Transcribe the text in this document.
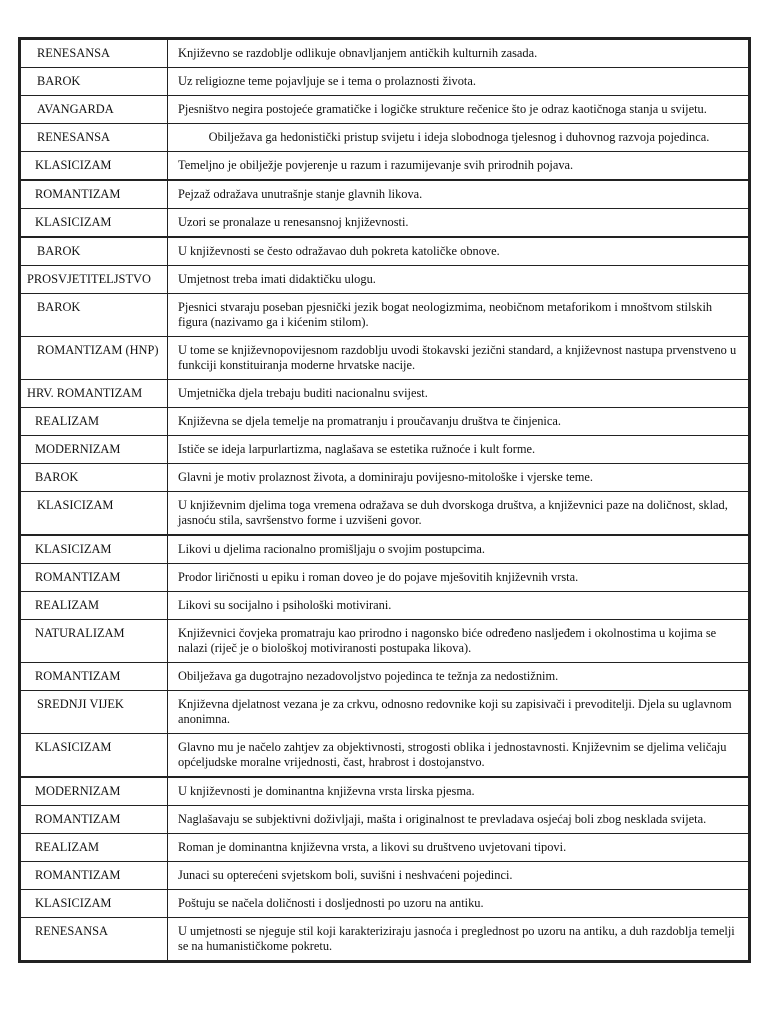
RENESANSA	Književno se razdoblje odlikuje obnavljanjem antičkih kulturnih zasada.
BAROK	Uz religiozne teme pojavljuje se i tema o prolaznosti života.
AVANGARDA	Pjesništvo negira postojeće gramatičke i logičke strukture rečenice što je odraz kaotičnoga stanja u svijetu.
RENESANSA	Obilježava ga hedonistički pristup svijetu i ideja slobodnoga tjelesnog i duhovnog razvoja pojedinca.
KLASICIZAM	Temeljno je obilježje povjerenje u razum i razumijevanje svih prirodnih pojava.
ROMANTIZAM	Pejzaž odražava unutrašnje stanje glavnih likova.
KLASICIZAM	Uzori se pronalaze u renesansnoj književnosti.
BAROK	U književnosti se često odražavao duh pokreta katoličke obnove.
PROSVJETITELJSTVO	Umjetnost treba imati didaktičku ulogu.
BAROK	Pjesnici stvaraju poseban pjesnički jezik bogat neologizmima, neobičnom metaforikom i mnoštvom stilskih figura (nazivamo ga i kićenim stilom).
ROMANTIZAM (HNP)	U tome se književnopovijesnom razdoblju uvodi štokavski jezični standard, a književnost nastupa prvenstveno u funkciji konstituiranja moderne hrvatske nacije.
HRV. ROMANTIZAM	Umjetnička djela trebaju buditi nacionalnu svijest.
REALIZAM	Književna se djela temelje na promatranju i proučavanju društva te činjenica.
MODERNIZAM	Ističe se ideja larpurlartizma, naglašava se estetika ružnoće i kult forme.
BAROK	Glavni je motiv prolaznost života, a dominiraju povijesno-mitološke i vjerske teme.
KLASICIZAM	U književnim djelima toga vremena odražava se duh dvorskoga društva, a književnici paze na doličnost, sklad, jasnoću stila, savršenstvo forme i uzvišeni govor.
KLASICIZAM	Likovi u djelima racionalno promišljaju o svojim postupcima.
ROMANTIZAM	Prodor liričnosti u epiku i roman doveo je do pojave mješovitih književnih vrsta.
REALIZAM	Likovi su socijalno i psihološki motivirani.
NATURALIZAM	Književnici čovjeka promatraju kao prirodno i nagonsko biće određeno nasljeđem i okolnostima u kojima se nalazi (riječ je o biološkoj motiviranosti postupaka likova).
ROMANTIZAM	Obilježava ga dugotrajno nezadovoljstvo pojedinca te težnja za nedostižnim.
SREDNJI VIJEK	Književna djelatnost vezana je za crkvu, odnosno redovnike koji su zapisivači i prevoditelji. Djela su uglavnom anonimna.
KLASICIZAM	Glavno mu je načelo zahtjev za objektivnosti, strogosti oblika i jednostavnosti. Književnim se djelima veličaju općeljudske moralne vrijednosti, čast, hrabrost i dostojanstvo.
MODERNIZAM	U književnosti je dominantna književna vrsta lirska pjesma.
ROMANTIZAM	Naglašavaju se subjektivni doživljaji, mašta i originalnost te prevladava osjećaj boli zbog nesklada svijeta.
REALIZAM	Roman je dominantna književna vrsta, a likovi su društveno uvjetovani tipovi.
ROMANTIZAM	Junaci su opterećeni svjetskom boli, suvišni i neshvaćeni pojedinci.
KLASICIZAM	Poštuju se načela doličnosti i dosljednosti po uzoru na antiku.
RENESANSA	U umjetnosti se njeguje stil koji karakteriziraju jasnoća i preglednost po uzoru na antiku, a duh razdoblja temelji se na humanističkome pokretu.
